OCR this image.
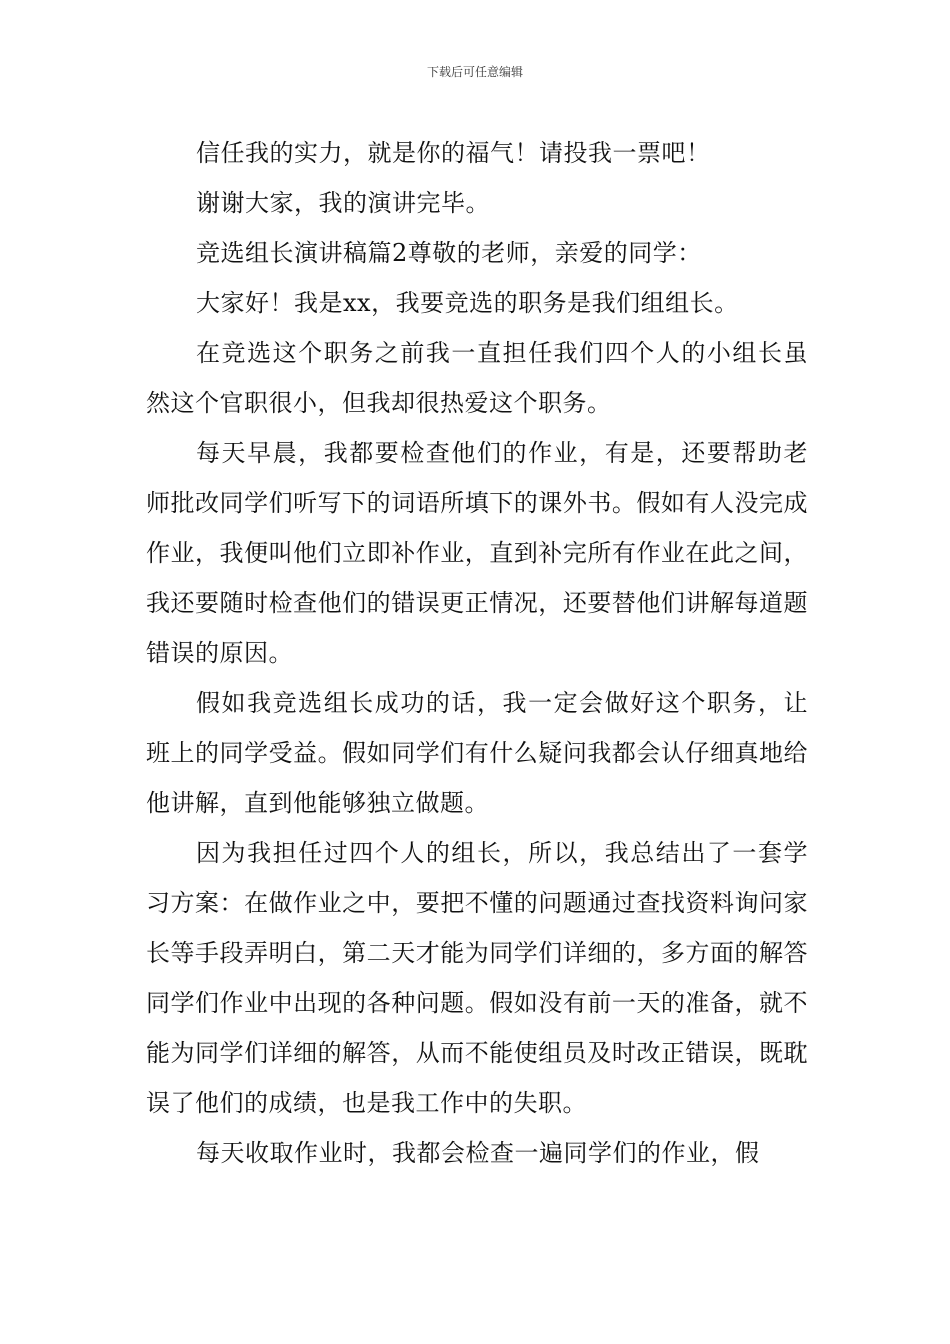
下载后可任意编辑

信任我的实力，就是你的福气！请投我一票吧！

谢谢大家，我的演讲完毕。

竞选组长演讲稿篇2尊敬的老师，亲爱的同学：

大家好！我是xx，我要竞选的职务是我们组组长。

在竞选这个职务之前我一直担任我们四个人的小组长虽然这个官职很小，但我却很热爱这个职务。

每天早晨，我都要检查他们的作业，有是，还要帮助老师批改同学们听写下的词语所填下的课外书。假如有人没完成作业，我便叫他们立即补作业，直到补完所有作业在此之间，我还要随时检查他们的错误更正情况，还要替他们讲解每道题错误的原因。

假如我竞选组长成功的话，我一定会做好这个职务，让班上的同学受益。假如同学们有什么疑问我都会认仔细真地给他讲解，直到他能够独立做题。

因为我担任过四个人的组长，所以，我总结出了一套学习方案：在做作业之中，要把不懂的问题通过查找资料询问家长等手段弄明白，第二天才能为同学们详细的，多方面的解答同学们作业中出现的各种问题。假如没有前一天的准备，就不能为同学们详细的解答，从而不能使组员及时改正错误，既耽误了他们的成绩，也是我工作中的失职。

每天收取作业时，我都会检查一遍同学们的作业，假
